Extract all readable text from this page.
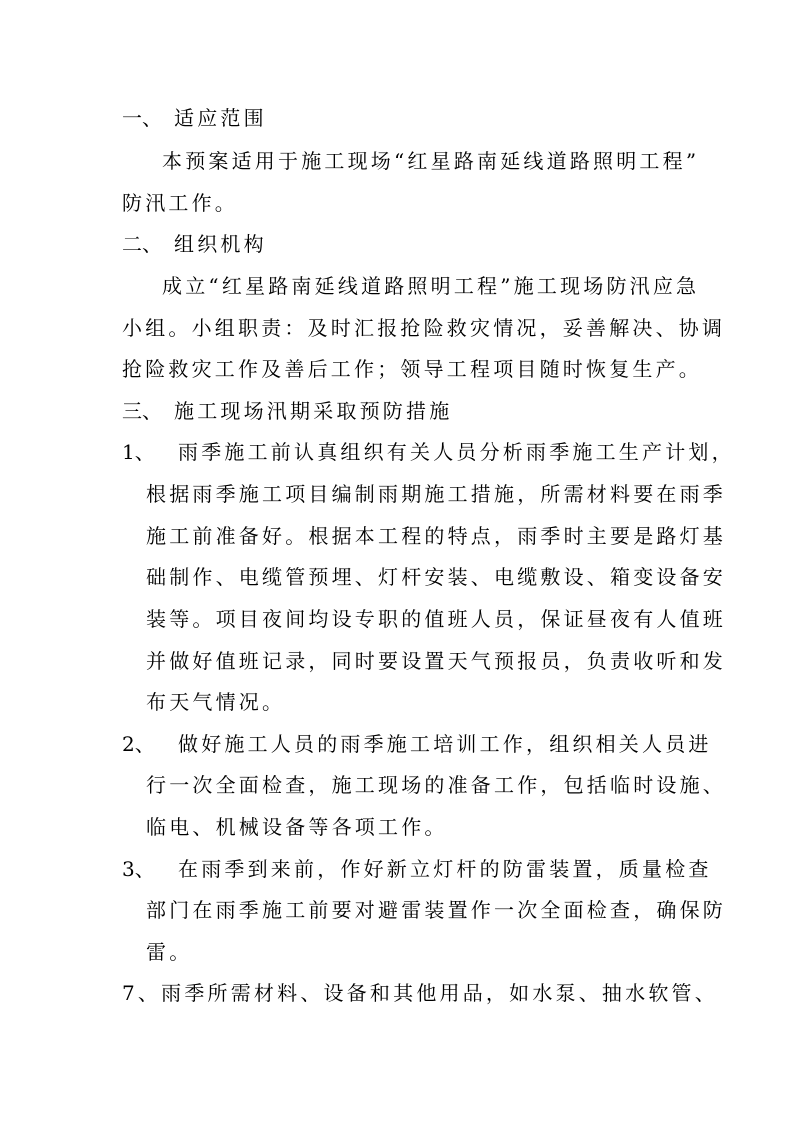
一、 适应范围
本预案适用于施工现场“红星路南延线道路照明工程”
防汛工作。
二、 组织机构
成立“红星路南延线道路照明工程”施工现场防汛应急
小组。小组职责：及时汇报抢险救灾情况，妥善解决、协调
抢险救灾工作及善后工作；领导工程项目随时恢复生产。
三、 施工现场汛期采取预防措施
1、 雨季施工前认真组织有关人员分析雨季施工生产计划，
根据雨季施工项目编制雨期施工措施，所需材料要在雨季
施工前准备好。根据本工程的特点，雨季时主要是路灯基
础制作、电缆管预埋、灯杆安装、电缆敷设、箱变设备安
装等。项目夜间均设专职的值班人员，保证昼夜有人值班
并做好值班记录，同时要设置天气预报员，负责收听和发
布天气情况。
2、 做好施工人员的雨季施工培训工作，组织相关人员进
行一次全面检查，施工现场的准备工作，包括临时设施、
临电、机械设备等各项工作。
3、 在雨季到来前，作好新立灯杆的防雷装置，质量检查
部门在雨季施工前要对避雷装置作一次全面检查，确保防
雷。
7、雨季所需材料、设备和其他用品，如水泵、抽水软管、
